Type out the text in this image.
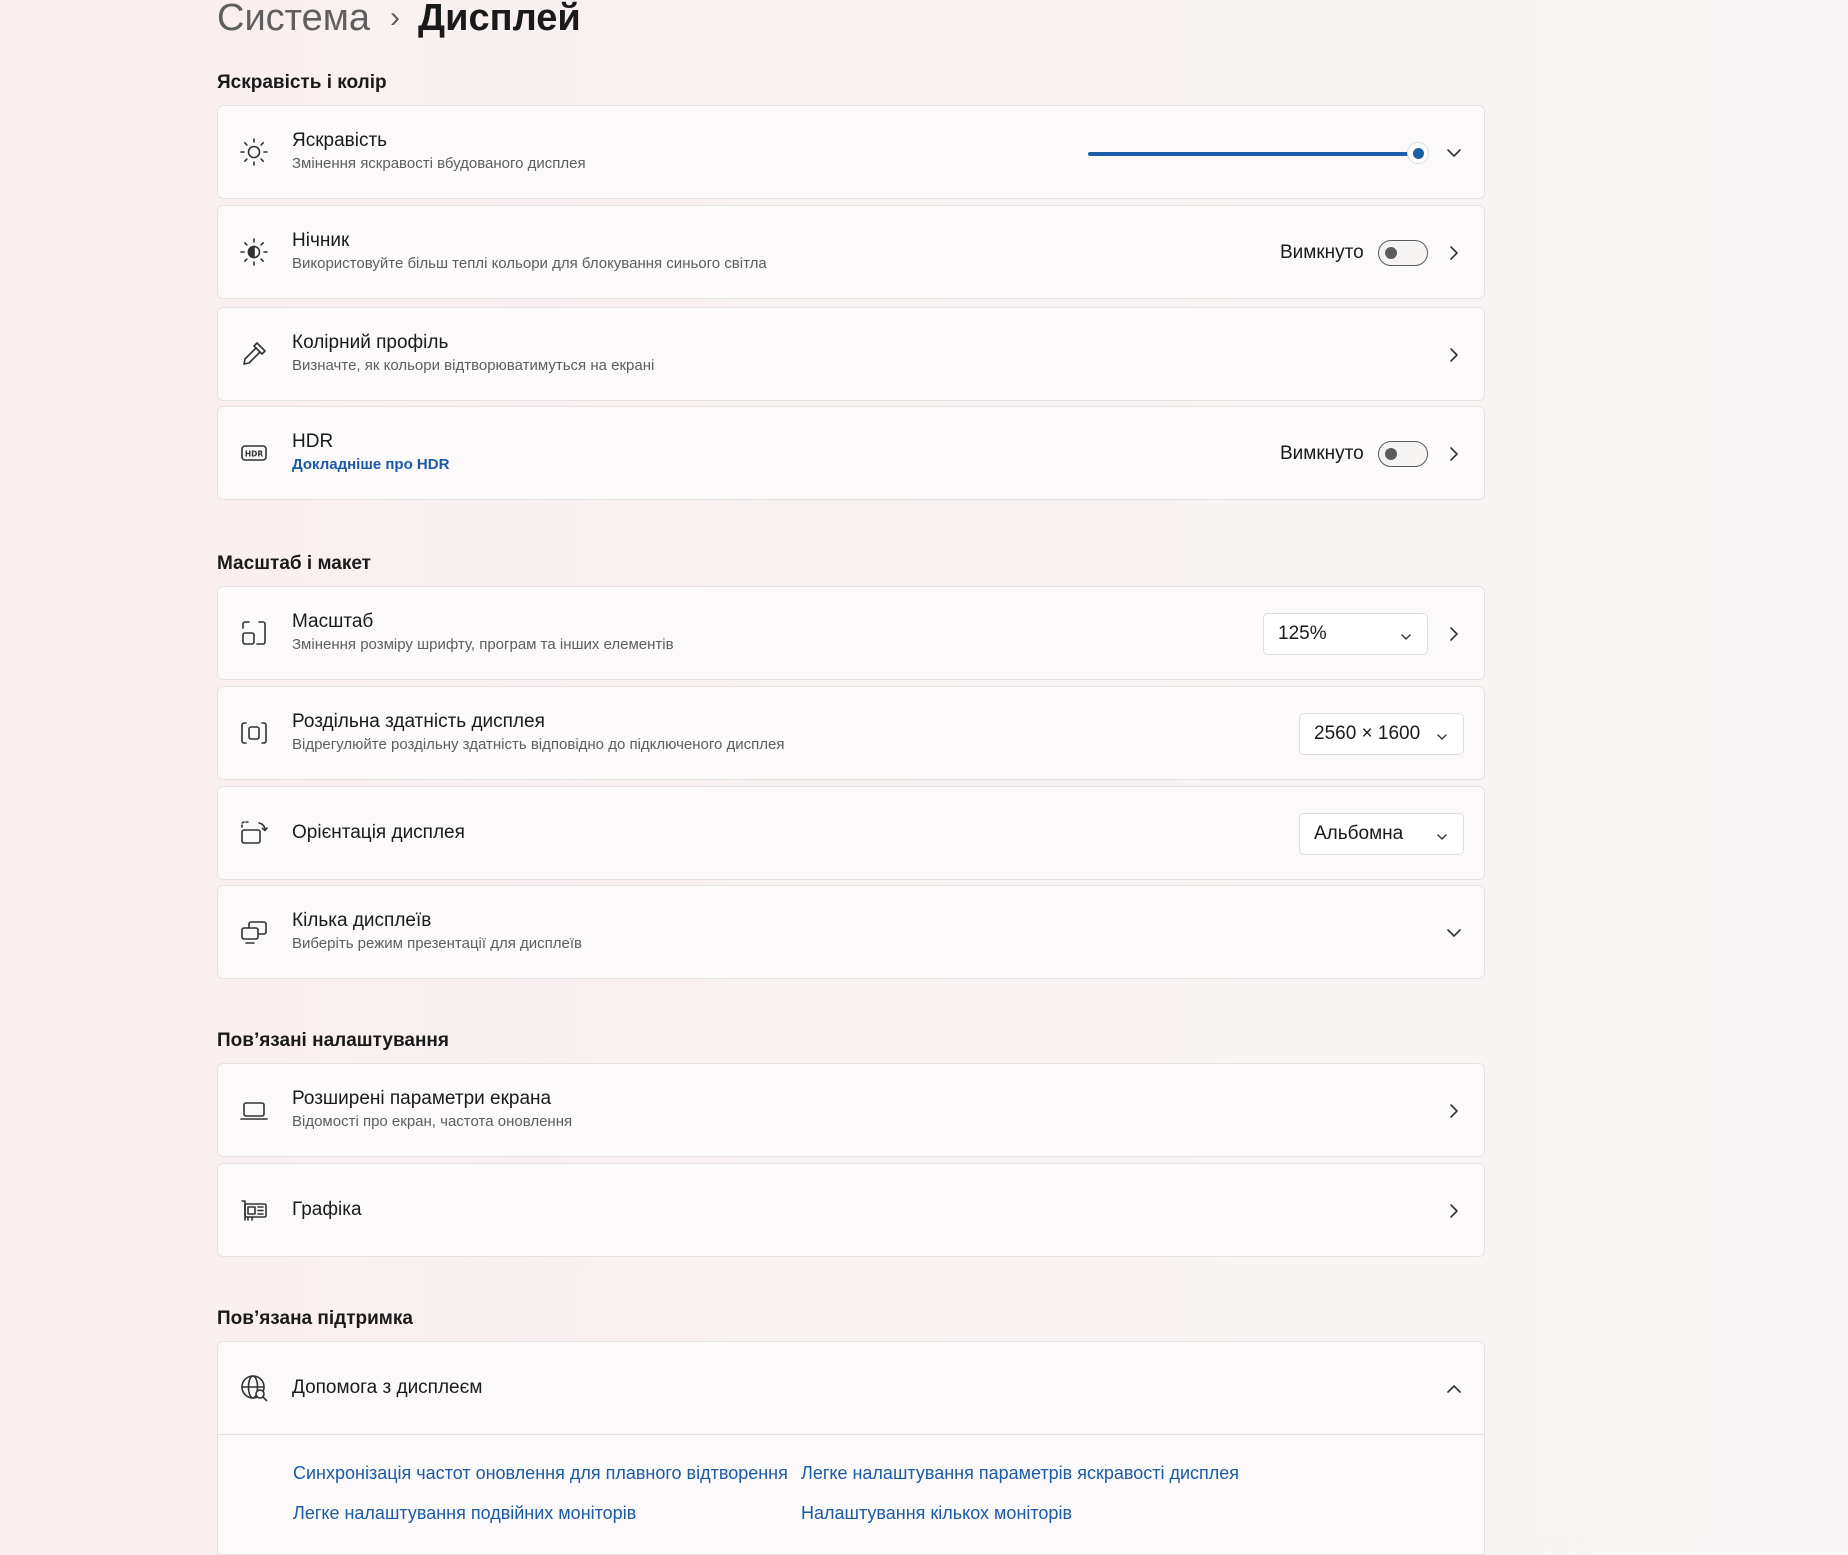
Система › Дисплей
Яскравість і колір
Яскравість
Змінення яскравості вбудованого дисплея
Нічник
Використовуйте більш теплі кольори для блокування синього світла
Вимкнуто
Колірний профіль
Визначте, як кольори відтворюватимуться на екрані
HDR
HDR
Докладніше про HDR
Вимкнуто
Масштаб і макет
Масштаб
Змінення розміру шрифту, програм та інших елементів
125%
Роздільна здатність дисплея
Відрегулюйте роздільну здатність відповідно до підключеного дисплея
2560 × 1600
Орієнтація дисплея	Альбомна
Кілька дисплеїв
Виберіть режим презентації для дисплеїв
Пов’язані налаштування
Розширені параметри екрана
Відомості про екран, частота оновлення
Графіка
Пов’язана підтримка
Допомога з дисплеєм
Синхронізація частот оновлення для плавного відтворення Легке налаштування параметрів яскравості дисплея
Легке налаштування подвійних моніторів	Налаштування кількох моніторів
